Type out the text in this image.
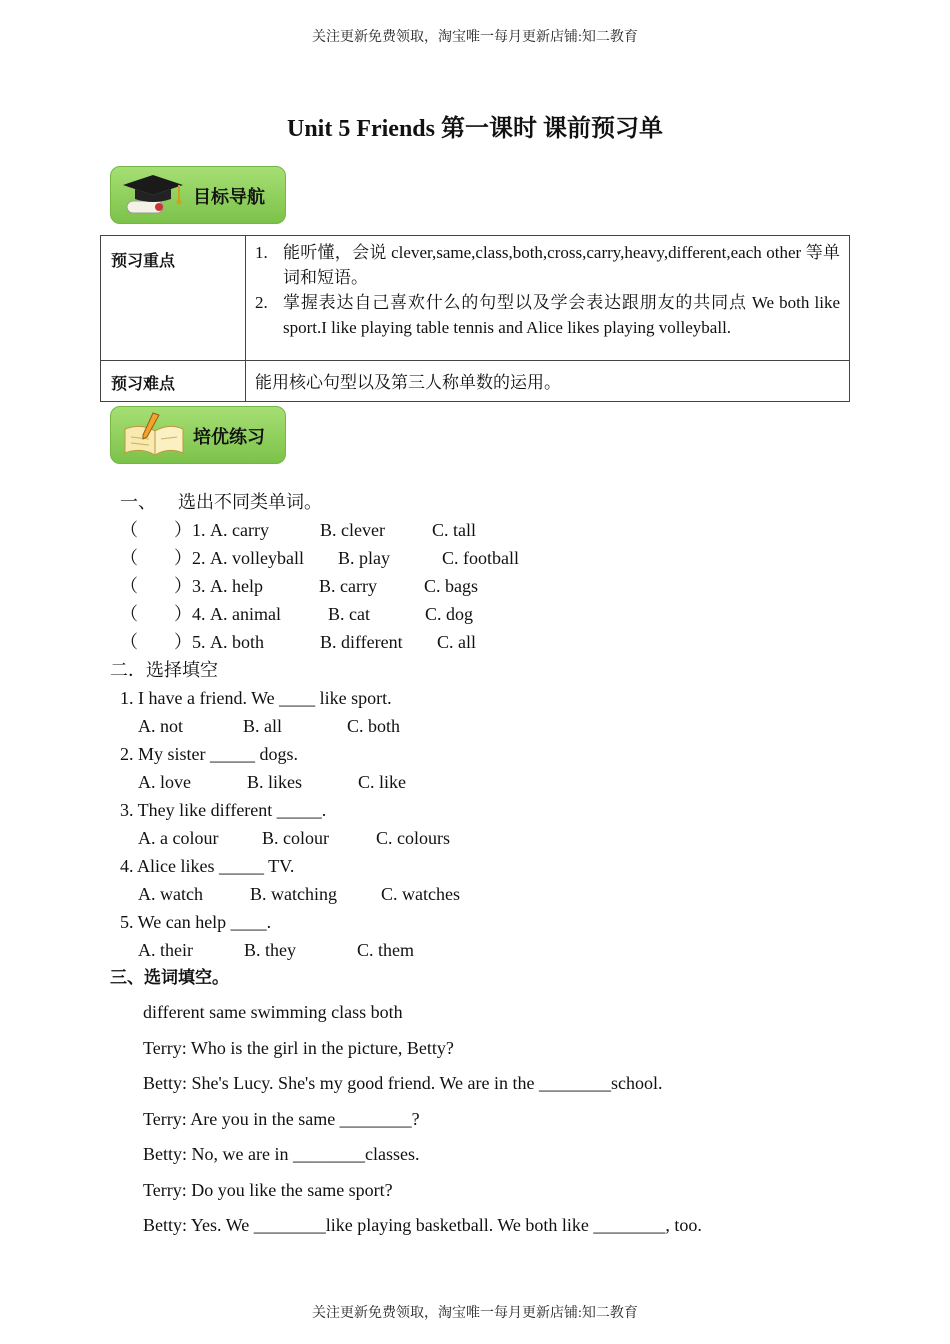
关注更新免费领取，淘宝唯一每月更新店铺:知二教育
Unit 5 Friends 第一课时 课前预习单
目标导航
预习重点	1. 能听懂，会说 clever,same,class,both,cross,carry,heavy,different,each other 等单词和短语。
2. 掌握表达自己喜欢什么的句型以及学会表达跟朋友的共同点 We both like sport.I like playing table tennis and Alice likes playing volleyball.

预习难点	能用核心句型以及第三人称单数的运用。
培优练习
一、 选出不同类单词。
（　　）1. A. carry	B. clever	C. tall
（　　）2. A. volleyball B. play	C. football
（　　）3. A. help	B. carry	C. bags
（　　）4. A. animal	B. cat	C. dog
（　　）5. A. both	B. different C. all
二．选择填空
1. I have a friend. We ____ like sport.
A. not	B. all	C. both
2. My sister _____ dogs.
A. love	B. likes	C. like
3. They like different _____.
A. a colour B. colour	C. colours
4. Alice likes _____ TV.
A. watch	B. watching C. watches
5. We can help ____.
A. their	B. they	C. them
三、选词填空。
different same swimming class both
Terry: Who is the girl in the picture, Betty?
Betty: She's Lucy. She's my good friend. We are in the ________school.
Terry: Are you in the same ________?
Betty: No, we are in ________classes.
Terry: Do you like the same sport?
Betty: Yes. We ________like playing basketball. We both like ________, too.
关注更新免费领取，淘宝唯一每月更新店铺:知二教育
